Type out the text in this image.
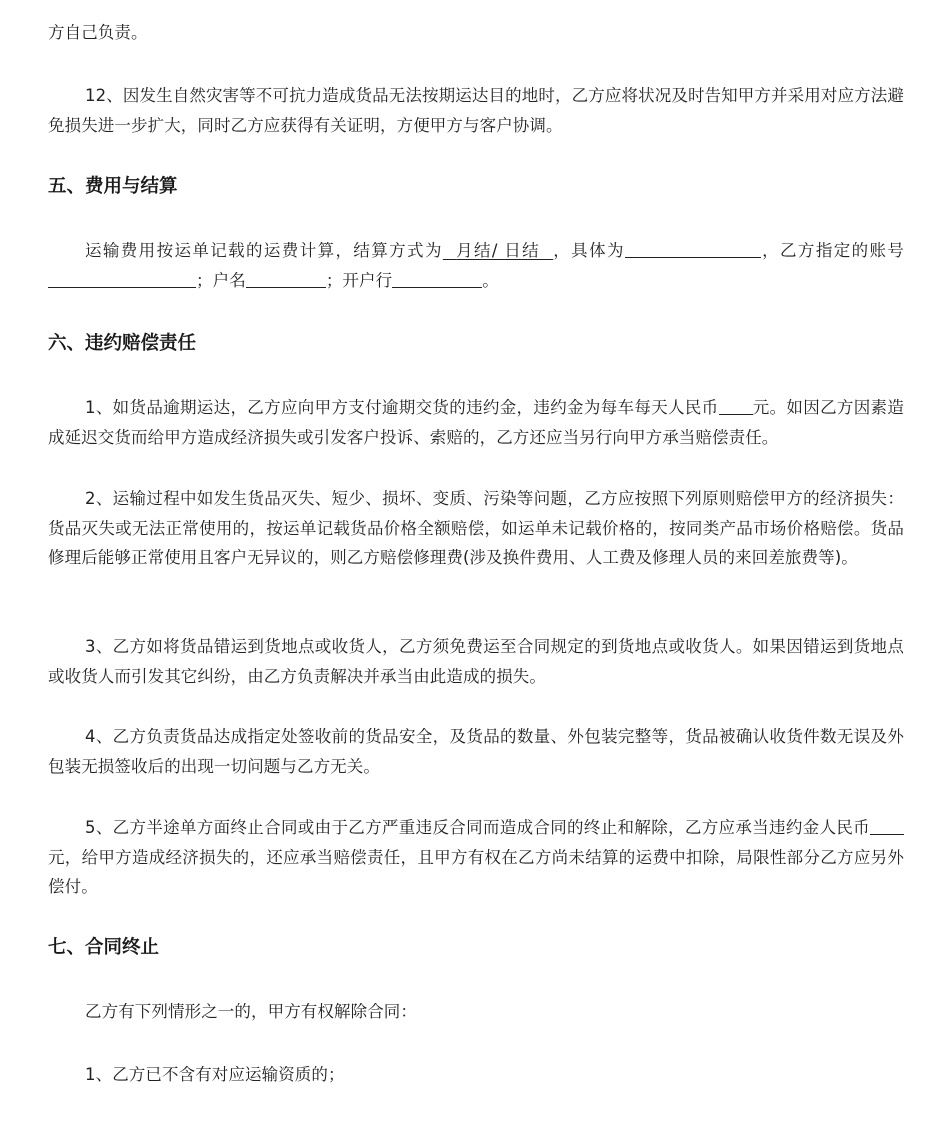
方自己负责。

12、因发生自然灾害等不可抗力造成货品无法按期运达目的地时，乙方应将状况及时告知甲方并采用对应方法避免损失进一步扩大，同时乙方应获得有关证明，方便甲方与客户协调。

五、费用与结算

运输费用按运单记载的运费计算，结算方式为 月结/ 日结 ，具体为	，乙方指定的账号；户名	；开户行	。

六、违约赔偿责任

1、如货品逾期运达，乙方应向甲方支付逾期交货的违约金，违约金为每车每天人民币 元。如因乙方因素造成延迟交货而给甲方造成经济损失或引发客户投诉、索赔的，乙方还应当另行向甲方承当赔偿责任。

2、运输过程中如发生货品灭失、短少、损坏、变质、污染等问题，乙方应按照下列原则赔偿甲方的经济损失：货品灭失或无法正常使用的，按运单记载货品价格全额赔偿，如运单未记载价格的，按同类产品市场价格赔偿。货品修理后能够正常使用且客户无异议的，则乙方赔偿修理费(涉及换件费用、人工费及修理人员的来回差旅费等)。

3、乙方如将货品错运到货地点或收货人，乙方须免费运至合同规定的到货地点或收货人。如果因错运到货地点或收货人而引发其它纠纷，由乙方负责解决并承当由此造成的损失。

4、乙方负责货品达成指定处签收前的货品安全，及货品的数量、外包装完整等，货品被确认收货件数无误及外包装无损签收后的出现一切问题与乙方无关。

5、乙方半途单方面终止合同或由于乙方严重违反合同而造成合同的终止和解除，乙方应承当违约金人民币元，给甲方造成经济损失的，还应承当赔偿责任，且甲方有权在乙方尚未结算的运费中扣除，局限性部分乙方应另外偿付。

七、合同终止

乙方有下列情形之一的，甲方有权解除合同：

1、乙方已不含有对应运输资质的；
